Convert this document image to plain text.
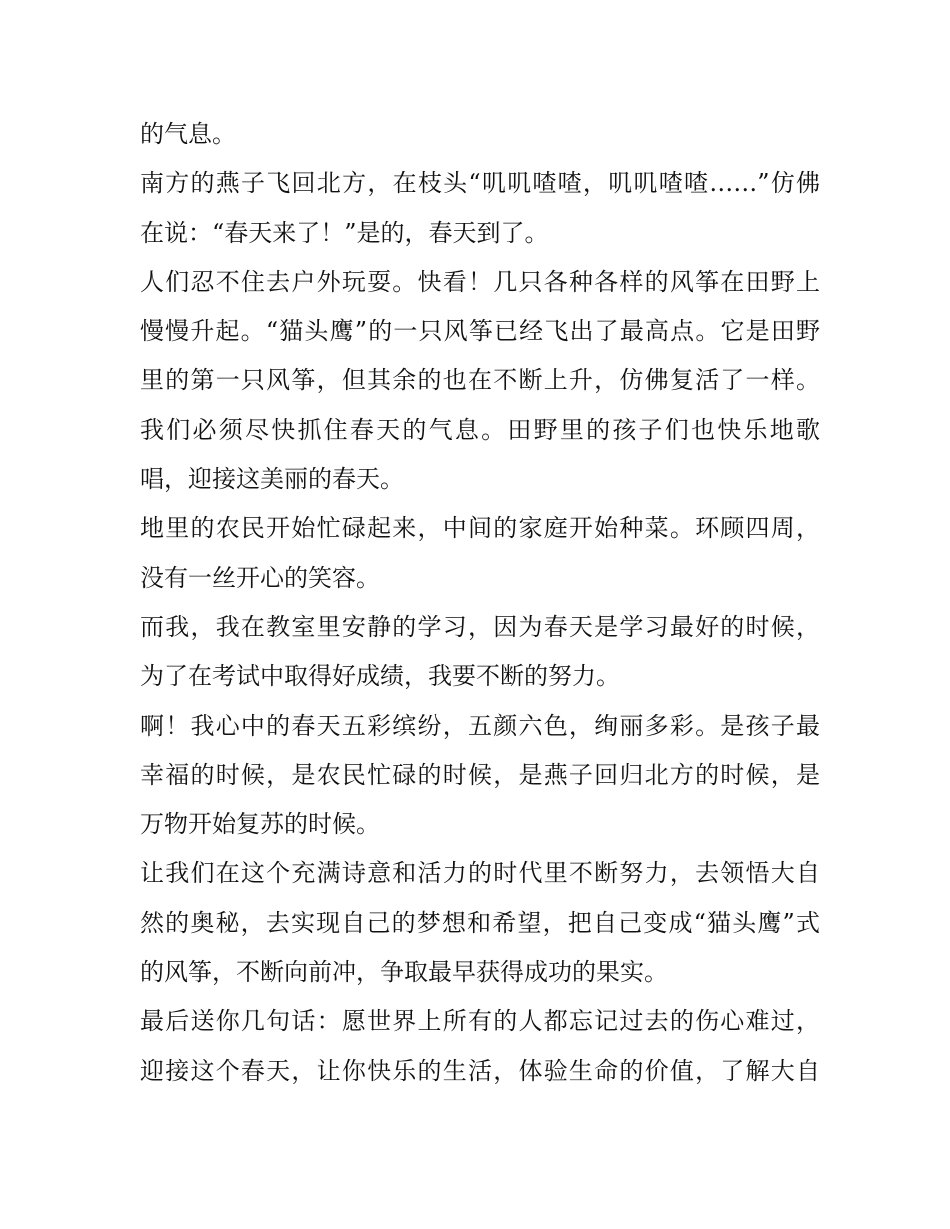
的气息。
南方的燕子飞回北方，在枝头“叽叽喳喳，叽叽喳喳……”仿佛
在说：“春天来了！”是的，春天到了。
人们忍不住去户外玩耍。快看！几只各种各样的风筝在田野上
慢慢升起。“猫头鹰”的一只风筝已经飞出了最高点。它是田野
里的第一只风筝，但其余的也在不断上升，仿佛复活了一样。
我们必须尽快抓住春天的气息。田野里的孩子们也快乐地歌
唱，迎接这美丽的春天。
地里的农民开始忙碌起来，中间的家庭开始种菜。环顾四周，
没有一丝开心的笑容。
而我，我在教室里安静的学习，因为春天是学习最好的时候，
为了在考试中取得好成绩，我要不断的努力。
啊！我心中的春天五彩缤纷，五颜六色，绚丽多彩。是孩子最
幸福的时候，是农民忙碌的时候，是燕子回归北方的时候，是
万物开始复苏的时候。
让我们在这个充满诗意和活力的时代里不断努力，去领悟大自
然的奥秘，去实现自己的梦想和希望，把自己变成“猫头鹰”式
的风筝，不断向前冲，争取最早获得成功的果实。
最后送你几句话：愿世界上所有的人都忘记过去的伤心难过，
迎接这个春天，让你快乐的生活，体验生命的价值，了解大自
